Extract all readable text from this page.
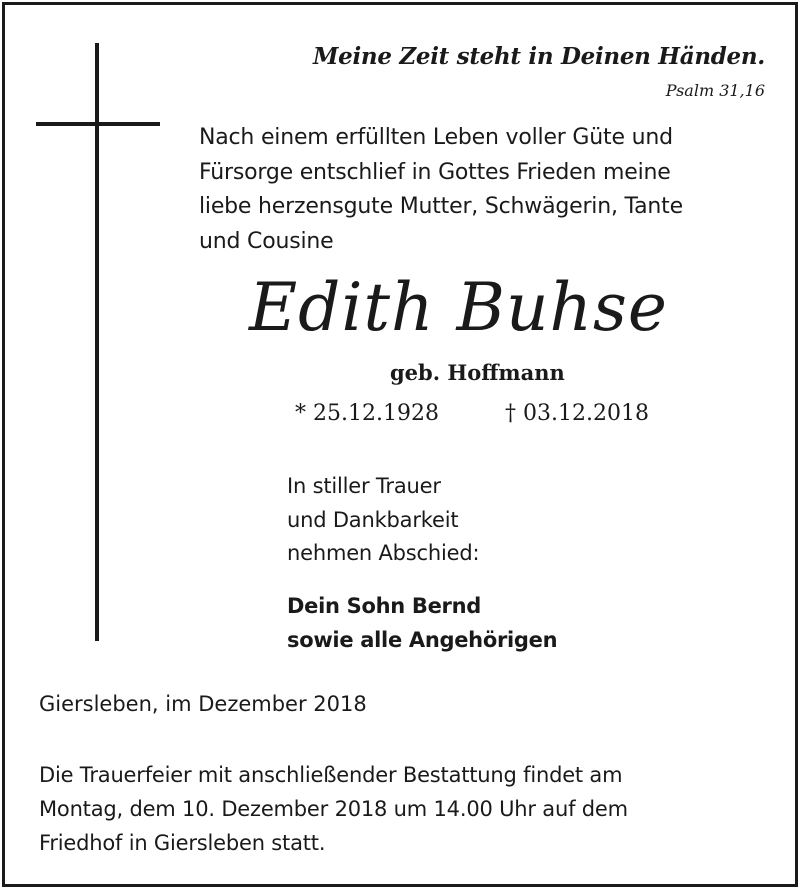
Meine Zeit steht in Deinen Händen.
Psalm 31,16
Nach einem erfüllten Leben voller Güte und
Fürsorge entschlief in Gottes Frieden meine
liebe herzensgute Mutter, Schwägerin, Tante
und Cousine
Edith Buhse
geb. Hoffmann
* 25.12.1928	† 03.12.2018
In stiller Trauer
und Dankbarkeit
nehmen Abschied:
Dein Sohn Bernd
sowie alle Angehörigen
Giersleben, im Dezember 2018
Die Trauerfeier mit anschließender Bestattung findet am
Montag, dem 10. Dezember 2018 um 14.00 Uhr auf dem
Friedhof in Giersleben statt.
